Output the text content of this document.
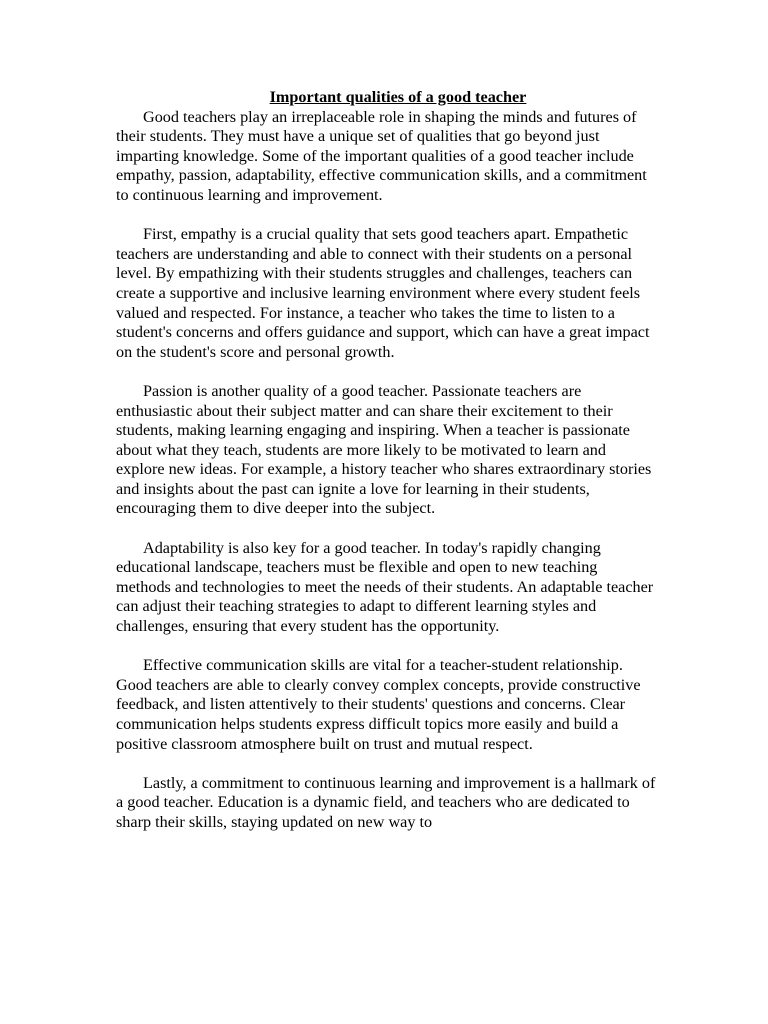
Important qualities of a good teacher

Good teachers play an irreplaceable role in shaping the minds and futures of their students. They must have a unique set of qualities that go beyond just imparting knowledge. Some of the important qualities of a good teacher include empathy, passion, adaptability, effective communication skills, and a commitment to continuous learning and improvement.

First, empathy is a crucial quality that sets good teachers apart. Empathetic teachers are understanding and able to connect with their students on a personal level. By empathizing with their students struggles and challenges, teachers can create a supportive and inclusive learning environment where every student feels valued and respected. For instance, a teacher who takes the time to listen to a student's concerns and offers guidance and support, which can have a great impact on the student's score and personal growth.

Passion is another quality of a good teacher. Passionate teachers are enthusiastic about their subject matter and can share their excitement to their students, making learning engaging and inspiring. When a teacher is passionate about what they teach, students are more likely to be motivated to learn and explore new ideas. For example, a history teacher who shares extraordinary stories and insights about the past can ignite a love for learning in their students, encouraging them to dive deeper into the subject.

Adaptability is also key for a good teacher. In today's rapidly changing educational landscape, teachers must be flexible and open to new teaching methods and technologies to meet the needs of their students. An adaptable teacher can adjust their teaching strategies to adapt to different learning styles and challenges, ensuring that every student has the opportunity.

Effective communication skills are vital for a teacher-student relationship. Good teachers are able to clearly convey complex concepts, provide constructive feedback, and listen attentively to their students' questions and concerns. Clear communication helps students express difficult topics more easily and build a positive classroom atmosphere built on trust and mutual respect.

Lastly, a commitment to continuous learning and improvement is a hallmark of a good teacher. Education is a dynamic field, and teachers who are dedicated to sharp their skills, staying updated on new way to
